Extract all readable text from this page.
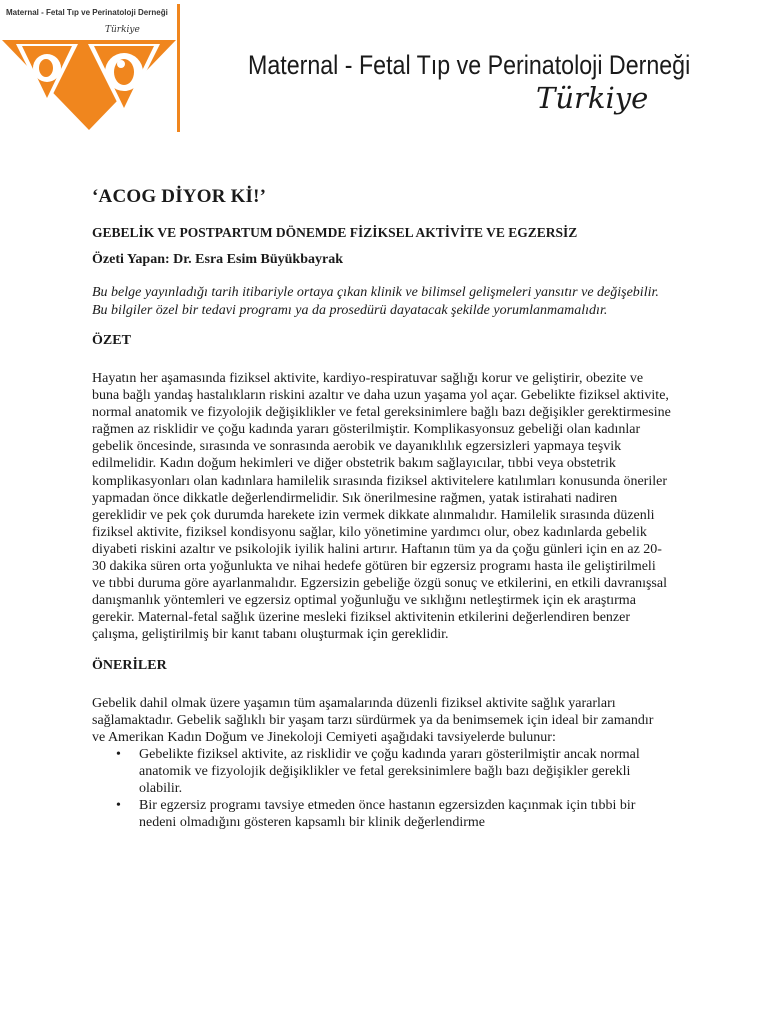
Maternal - Fetal Tıp ve Perinatoloji Derneği
Türkiye
Maternal - Fetal Tıp ve Perinatoloji Derneği
Türkiye
‘ACOG DİYOR Kİ!’
GEBELİK VE POSTPARTUM DÖNEMDE FİZİKSEL AKTİVİTE VE EGZERSİZ
Özeti Yapan: Dr. Esra Esim Büyükbayrak
Bu belge yayınladığı tarih itibariyle ortaya çıkan klinik ve bilimsel gelişmeleri yansıtır ve değişebilir. Bu bilgiler özel bir tedavi programı ya da prosedürü dayatacak şekilde yorumlanmamalıdır.
ÖZET
Hayatın her aşamasında fiziksel aktivite, kardiyo-respiratuvar sağlığı korur ve geliştirir, obezite ve buna bağlı yandaş hastalıkların riskini azaltır ve daha uzun yaşama yol açar. Gebelikte fiziksel aktivite, normal anatomik ve fizyolojik değişiklikler ve fetal gereksinimlere bağlı bazı değişikler gerektirmesine rağmen az risklidir ve çoğu kadında yararı gösterilmiştir. Komplikasyonsuz gebeliği olan kadınlar gebelik öncesinde, sırasında ve sonrasında aerobik ve dayanıklılık egzersizleri yapmaya teşvik edilmelidir. Kadın doğum hekimleri ve diğer obstetrik bakım sağlayıcılar, tıbbi veya obstetrik komplikasyonları olan kadınlara hamilelik sırasında fiziksel aktivitelere katılımları konusunda öneriler yapmadan önce dikkatle değerlendirmelidir. Sık önerilmesine rağmen, yatak istirahati nadiren gereklidir ve pek çok durumda harekete izin vermek dikkate alınmalıdır. Hamilelik sırasında düzenli fiziksel aktivite, fiziksel kondisyonu sağlar, kilo yönetimine yardımcı olur, obez kadınlarda gebelik diyabeti riskini azaltır ve psikolojik iyilik halini artırır. Haftanın tüm ya da çoğu günleri için en az 20-30 dakika süren orta yoğunlukta ve nihai hedefe götüren bir egzersiz programı hasta ile geliştirilmeli ve tıbbi duruma göre ayarlanmalıdır. Egzersizin gebeliğe özgü sonuç ve etkilerini, en etkili davranışsal danışmanlık yöntemleri ve egzersiz optimal yoğunluğu ve sıklığını netleştirmek için ek araştırma gerekir. Maternal-fetal sağlık üzerine mesleki fiziksel aktivitenin etkilerini değerlendiren benzer çalışma, geliştirilmiş bir kanıt tabanı oluşturmak için gereklidir.
ÖNERİLER
Gebelik dahil olmak üzere yaşamın tüm aşamalarında düzenli fiziksel aktivite sağlık yararları sağlamaktadır. Gebelik sağlıklı bir yaşam tarzı sürdürmek ya da benimsemek için ideal bir zamandır
ve Amerikan Kadın Doğum ve Jinekoloji Cemiyeti aşağıdaki tavsiyelerde bulunur:
• Gebelikte fiziksel aktivite, az risklidir ve çoğu kadında yararı gösterilmiştir ancak normal anatomik ve fizyolojik değişiklikler ve fetal gereksinimlere bağlı bazı değişikler gerekli olabilir.
• Bir egzersiz programı tavsiye etmeden önce hastanın egzersizden kaçınmak için tıbbi bir nedeni olmadığını gösteren kapsamlı bir klinik değerlendirme
